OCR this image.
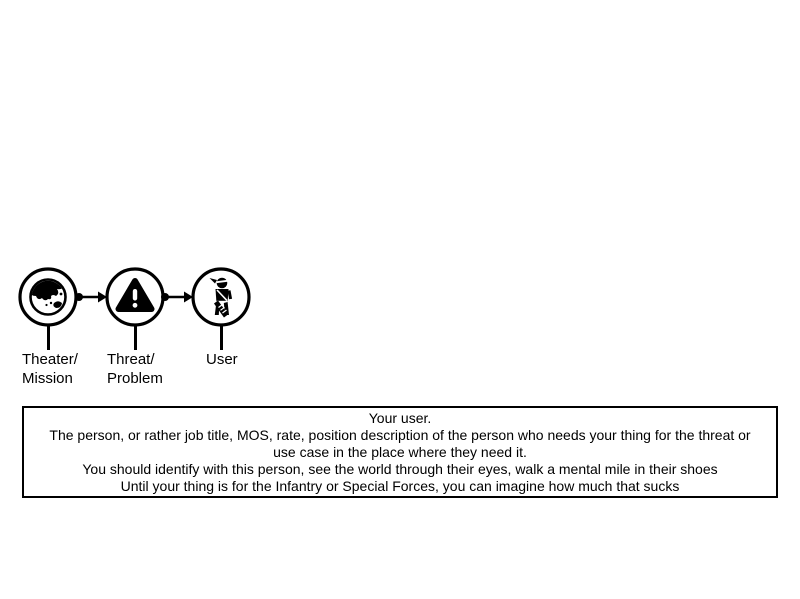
Theater/
Mission
Threat/
Problem
User
Your user.
The person, or rather job title, MOS, rate, position description of the person who needs your thing for the threat or
use case in the place where they need it.
You should identify with this person, see the world through their eyes, walk a mental mile in their shoes
Until your thing is for the Infantry or Special Forces, you can imagine how much that sucks
